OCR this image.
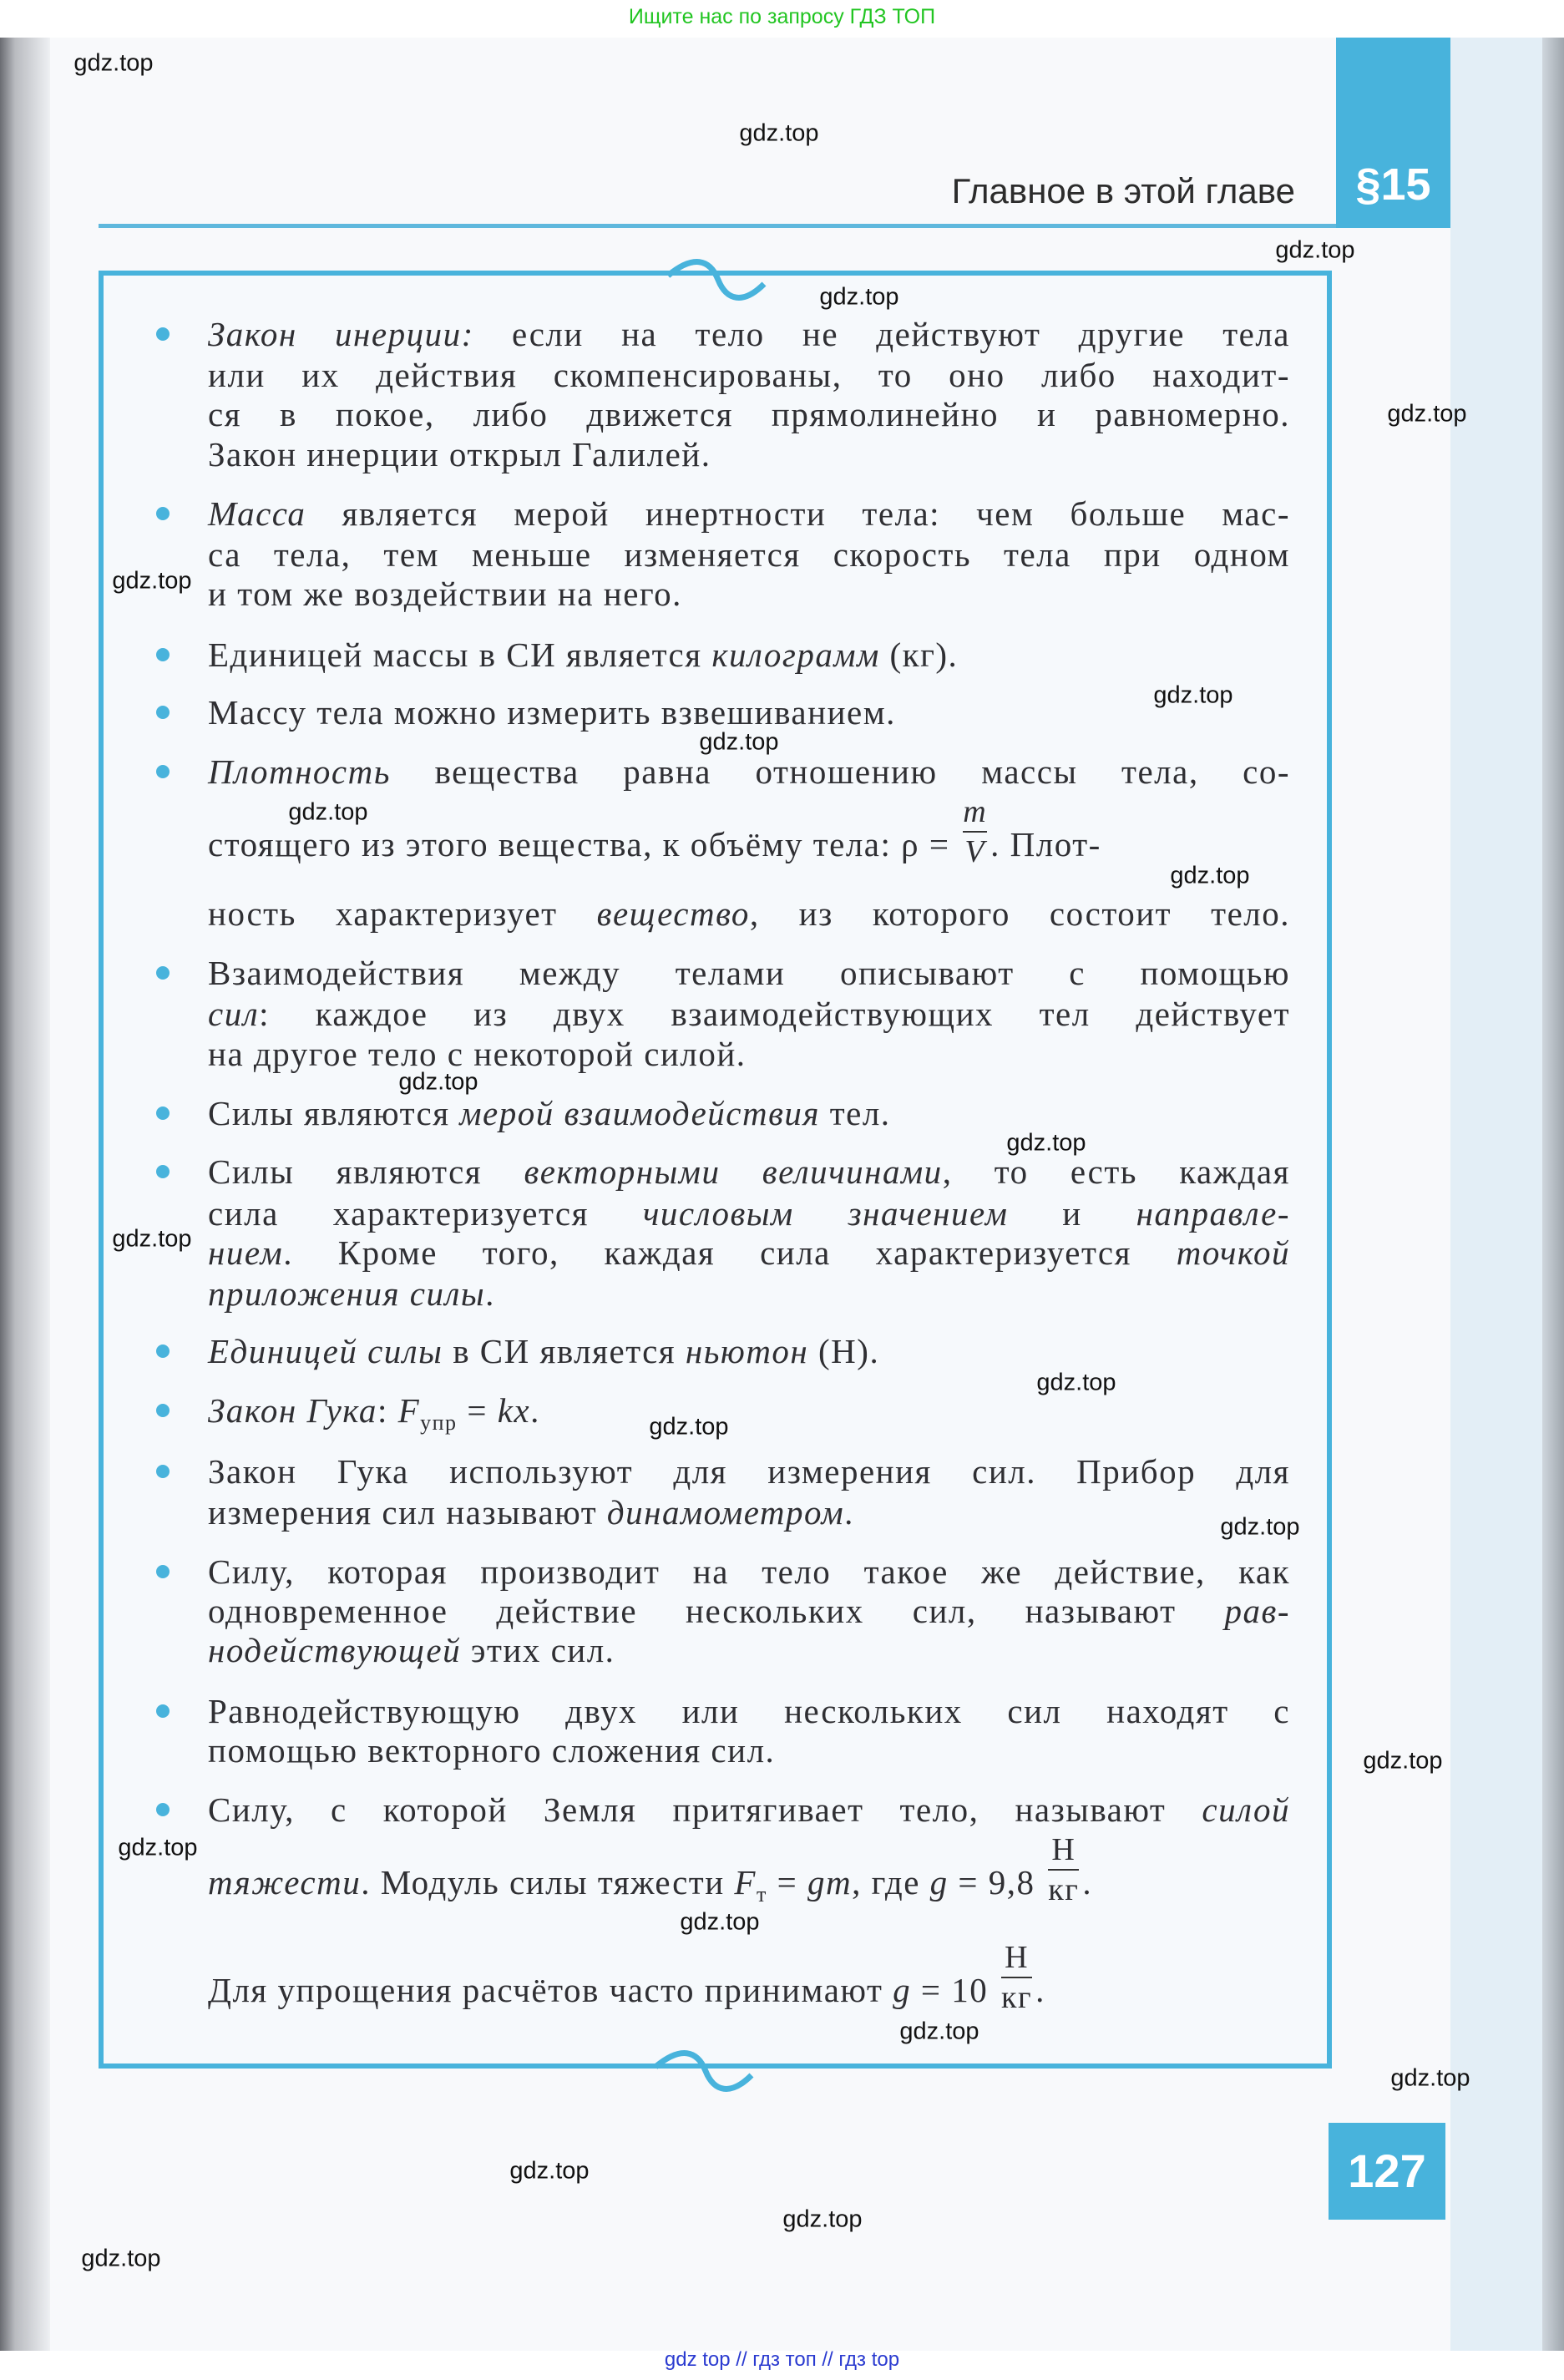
Ищите нас по запросу ГДЗ ТОП
§15
Главное в этой главе
Закон инерции: если на тело не действуют другие тела
или их действия скомпенсированы, то оно либо находит-
ся в покое, либо движется прямолинейно и равномерно.
Закон инерции открыл Галилей.
Масса является мерой инертности тела: чем больше мас-
са тела, тем меньше изменяется скорость тела при одном
и том же воздействии на него.
Единицей массы в СИ является килограмм (кг).
Массу тела можно измерить взвешиванием.
Плотность вещества равна отношению массы тела, со-
стоящего из этого вещества, к объёму тела: $\rho = \frac{m}{V}$ . Плот-
ность характеризует вещество, из которого состоит тело.
Взаимодействия между телами описывают с помощью
сил: каждое из двух взаимодействующих тел действует
на другое тело с некоторой силой.
Силы являются мерой взаимодействия тел.
Силы являются векторными величинами, то есть каждая
сила характеризуется числовым значением и направле-
нием. Кроме того, каждая сила характеризуется точкой
приложения силы.
Единицей силы в СИ является ньютон (Н).
Закон Гука: $F_{упр}$ = kx.
Закон Гука используют для измерения сил. Прибор для
измерения сил называют динамометром.
Силу, которая производит на тело такое же действие, как
одновременное действие нескольких сил, называют рав-
нодействующей этих сил.
Равнодействующую двух или нескольких сил находят с
помощью векторного сложения сил.
Силу, с которой Земля притягивает тело, называют силой
тяжести. Модуль силы тяжести $F_т$ = gm, где $g = 9,8 \frac{Н}{кг}$ .
Для упрощения расчётов часто принимают $g = 10 \frac{Н}{кг}$ .
127
gdz.top
gdz.top
gdz.top
gdz.top
gdz.top
gdz.top
gdz.top
gdz.top
gdz.top
gdz.top
gdz.top
gdz.top
gdz.top
gdz.top
gdz.top
gdz.top
gdz.top
gdz.top
gdz.top
gdz.top
gdz.top
gdz.top
gdz.top
gdz.top
gdz top // гдз топ // гдз top
